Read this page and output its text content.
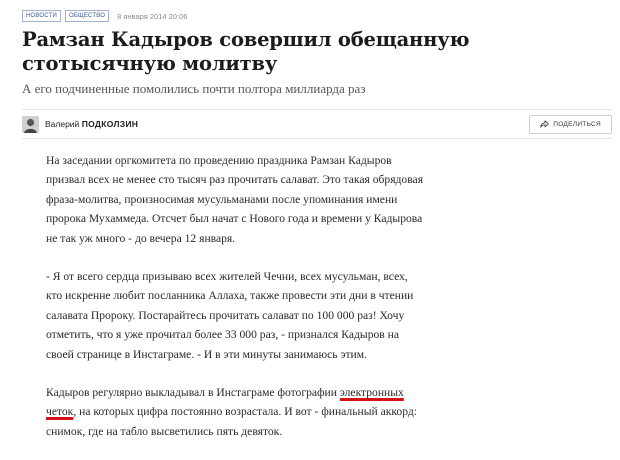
НОВОСТИ	ОБЩЕСТВО	8 января 2014 20:06
Рамзан Кадыров совершил обещанную стотысячную молитву

А его подчиненные помолились почти полтора миллиарда раз

Валерий ПОДКОЛЗИН	ПОДЕЛИТЬСЯ

На заседании оргкомитета по проведению праздника Рамзан Кадыров призвал всех не менее сто тысяч раз прочитать салават. Это такая обрядовая фраза-молитва, произносимая мусульманами после упоминания имени пророка Мухаммеда. Отсчет был начат с Нового года и времени у Кадырова не так уж много - до вечера 12 января.

- Я от всего сердца призываю всех жителей Чечни, всех мусульман, всех, кто искренне любит посланника Аллаха, также провести эти дни в чтении салавата Пророку. Постарайтесь прочитать салават по 100 000 раз! Хочу отметить, что я уже прочитал более 33 000 раз, - признался Кадыров на своей странице в Инстаграме. - И в эти минуты занимаюсь этим.

Кадыров регулярно выкладывал в Инстаграме фотографии электронных четок, на которых цифра постоянно возрастала. И вот - финальный аккорд: снимок, где на табло высветились пять девяток.
